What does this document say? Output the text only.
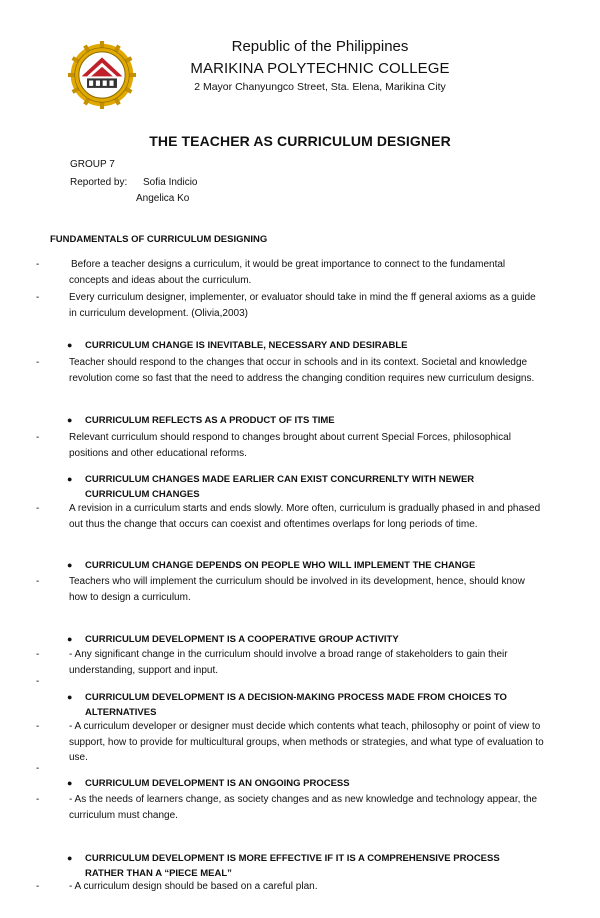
Republic of the Philippines
MARIKINA POLYTECHNIC COLLEGE
2 Mayor Chanyungco Street, Sta. Elena, Marikina City
THE TEACHER AS CURRICULUM DESIGNER
GROUP 7
Reported by: Sofia Indicio
Angelica Ko
FUNDAMENTALS OF CURRICULUM DESIGNING
-	Before a teacher designs a curriculum, it would be great importance to connect to the fundamental concepts and ideas about the curriculum.
-	Every curriculum designer, implementer, or evaluator should take in mind the ff general axioms as a guide in curriculum development. (Olivia,2003)
● CURRICULUM CHANGE IS INEVITABLE, NECESSARY AND DESIRABLE
-	Teacher should respond to the changes that occur in schools and in its context. Societal and knowledge revolution come so fast that the need to address the changing condition requires new curriculum designs.
● CURRICULUM REFLECTS AS A PRODUCT OF ITS TIME
-	Relevant curriculum should respond to changes brought about current Special Forces, philosophical positions and other educational reforms.
● CURRICULUM CHANGES MADE EARLIER CAN EXIST CONCURRENLTY WITH NEWER CURRICULUM CHANGES
-	A revision in a curriculum starts and ends slowly. More often, curriculum is gradually phased in and phased out thus the change that occurs can coexist and oftentimes overlaps for long periods of time.
● CURRICULUM CHANGE DEPENDS ON PEOPLE WHO WILL IMPLEMENT THE CHANGE
-	Teachers who will implement the curriculum should be involved in its development, hence, should know how to design a curriculum.
● CURRICULUM DEVELOPMENT IS A COOPERATIVE GROUP ACTIVITY
-	- Any significant change in the curriculum should involve a broad range of stakeholders to gain their understanding, support and input.
-
● CURRICULUM DEVELOPMENT IS A DECISION-MAKING PROCESS MADE FROM CHOICES TO ALTERNATIVES
-	- A curriculum developer or designer must decide which contents what teach, philosophy or point of view to support, how to provide for multicultural groups, when methods or strategies, and what type of evaluation to use.
-
● CURRICULUM DEVELOPMENT IS AN ONGOING PROCESS
-	- As the needs of learners change, as society changes and as new knowledge and technology appear, the curriculum must change.
● CURRICULUM DEVELOPMENT IS MORE EFFECTIVE IF IT IS A COMPREHENSIVE PROCESS RATHER THAN A “PIECE MEAL”
-	- A curriculum design should be based on a careful plan.
